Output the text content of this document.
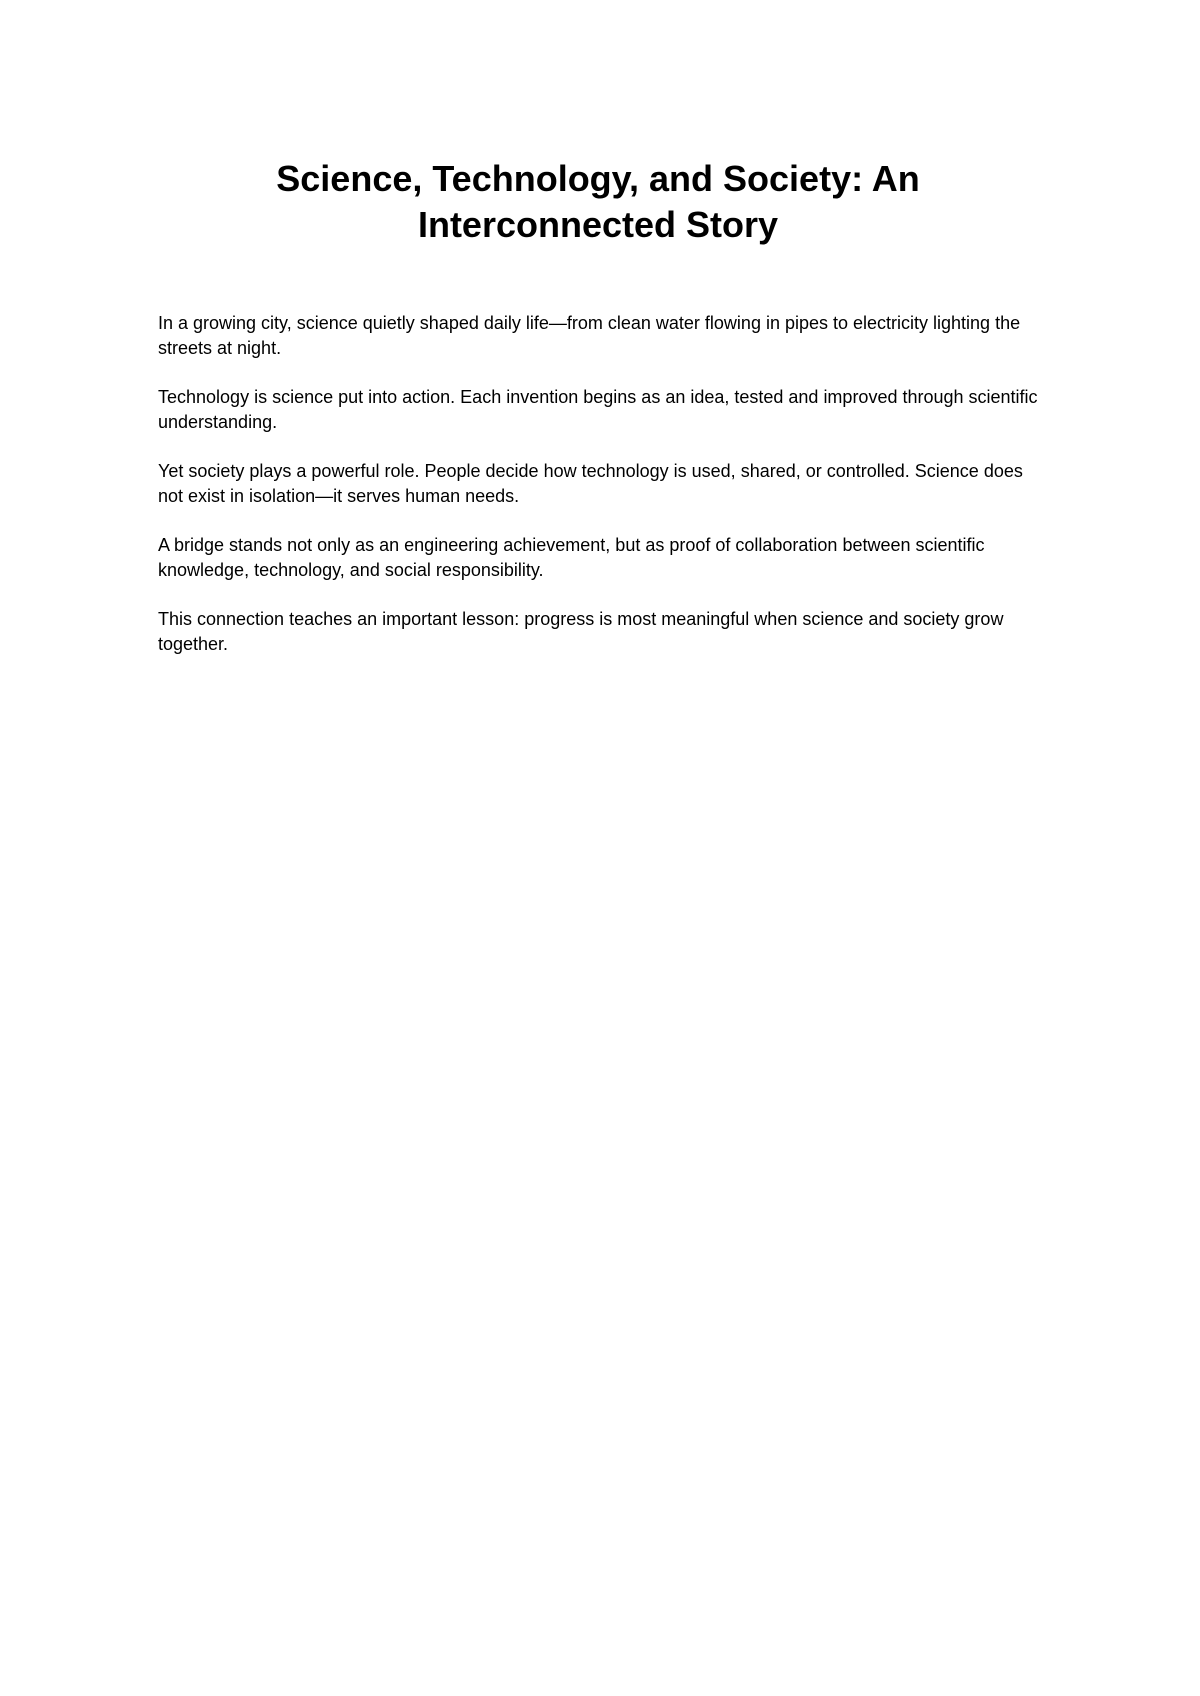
Science, Technology, and Society: An Interconnected Story

In a growing city, science quietly shaped daily life—from clean water flowing in pipes to electricity lighting the streets at night.

Technology is science put into action. Each invention begins as an idea, tested and improved through scientific understanding.

Yet society plays a powerful role. People decide how technology is used, shared, or controlled. Science does not exist in isolation—it serves human needs.

A bridge stands not only as an engineering achievement, but as proof of collaboration between scientific knowledge, technology, and social responsibility.

This connection teaches an important lesson: progress is most meaningful when science and society grow together.
